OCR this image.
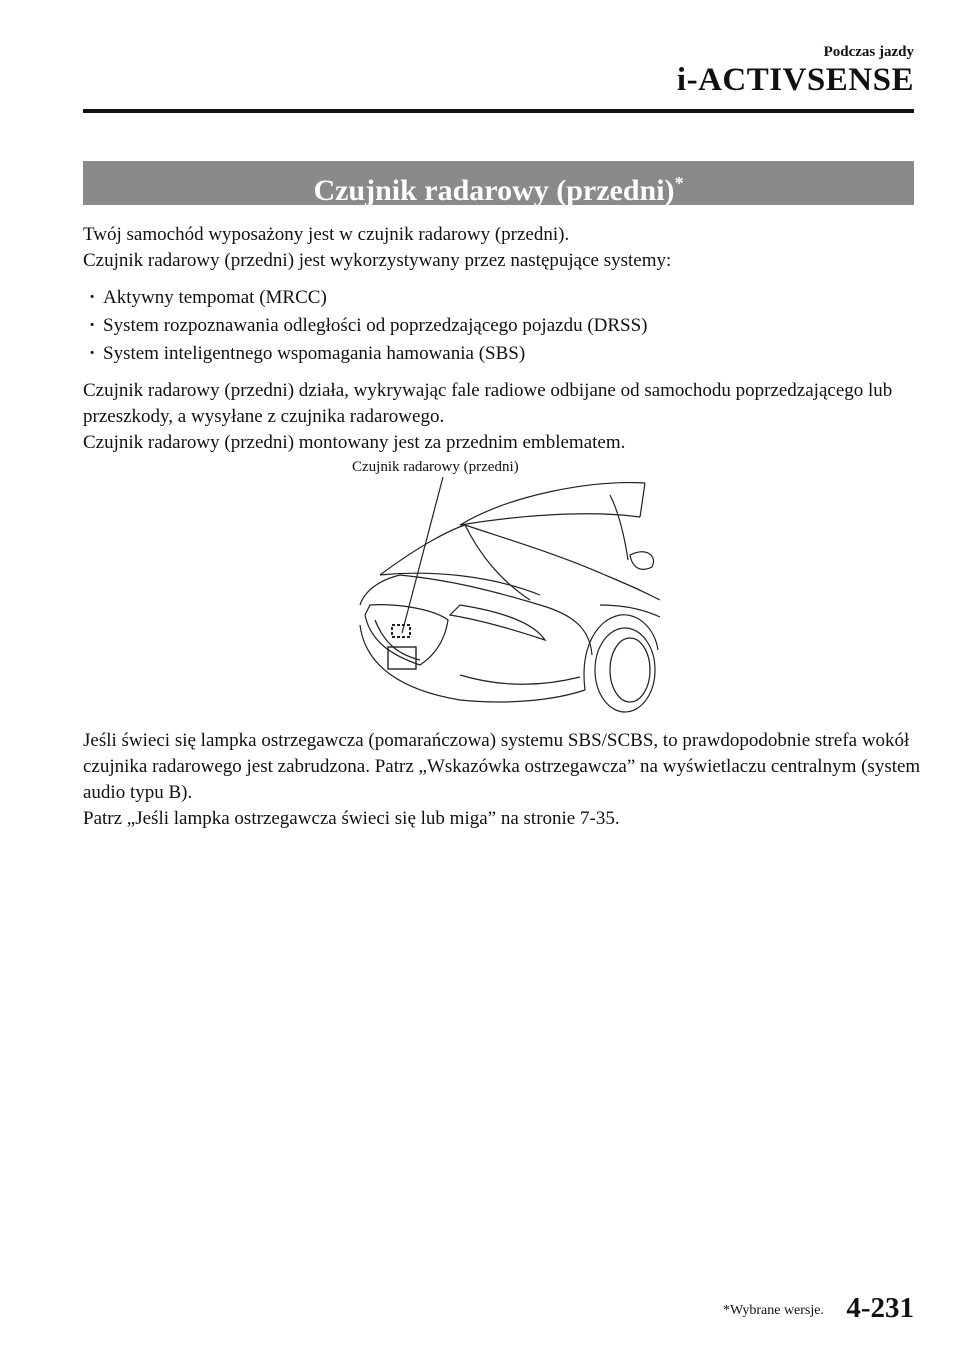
Podczas jazdy
i-ACTIVSENSE
Czujnik radarowy (przedni)*

Twój samochód wyposażony jest w czujnik radarowy (przedni).

Czujnik radarowy (przedni) jest wykorzystywany przez następujące systemy:

· Aktywny tempomat (MRCC)
· System rozpoznawania odległości od poprzedzającego pojazdu (DRSS)
· System inteligentnego wspomagania hamowania (SBS)

Czujnik radarowy (przedni) działa, wykrywając fale radiowe odbijane od samochodu poprzedzającego lub przeszkody, a wysyłane z czujnika radarowego.

Czujnik radarowy (przedni) montowany jest za przednim emblematem.

Czujnik radarowy (przedni)

Jeśli świeci się lampka ostrzegawcza (pomarańczowa) systemu SBS/SCBS, to prawdopodobnie strefa wokół czujnika radarowego jest zabrudzona. Patrz „Wskazówka ostrzegawcza” na wyświetlaczu centralnym (system audio typu B).

Patrz „Jeśli lampka ostrzegawcza świeci się lub miga” na stronie 7-35.

*Wybrane wersje. 4-231
